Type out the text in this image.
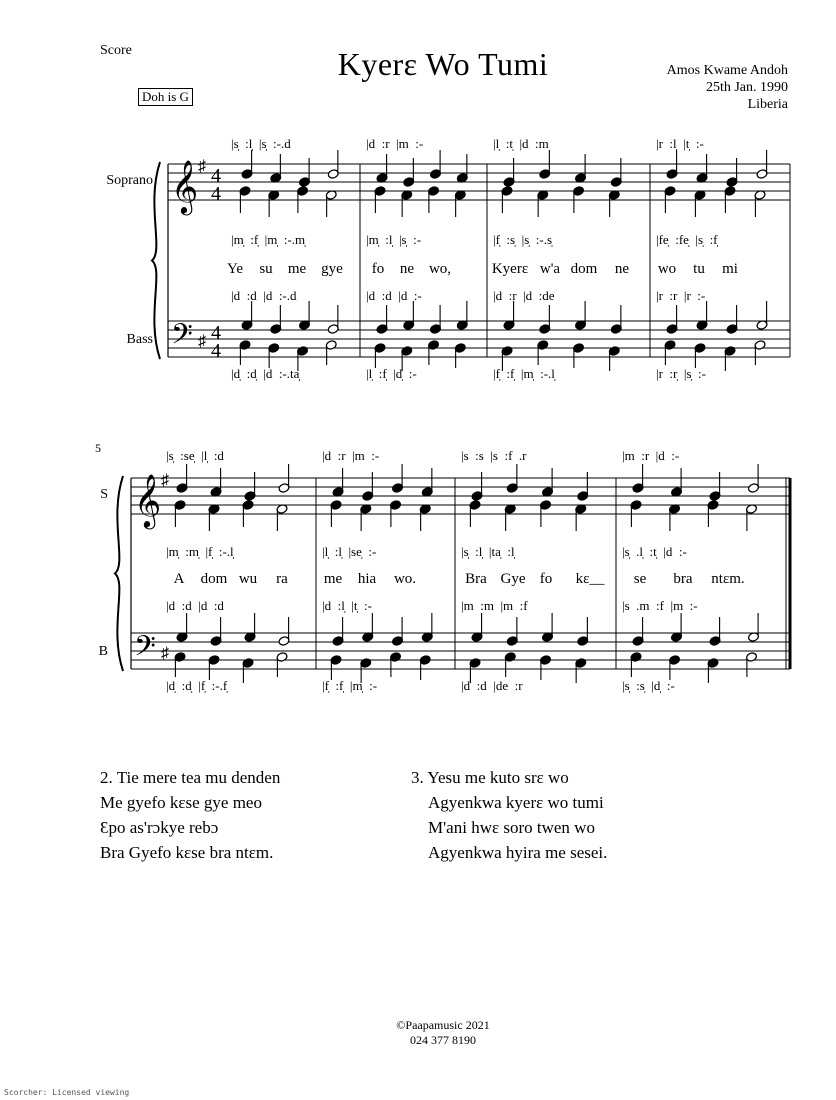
Score	Kyerɛ Wo Tumi	Amos Kwame Andoh
25th Jan. 1990
Liberia
Doh is G
𝄞
𝄢
♯
♯
4
4
4
4
Soprano
Bass
|s̩  :l̩  |s̩  :-.d	|d  :r  |m  :-	|l̩  :t̩  |d  :m	|r  :l̩  |t̩  :-
|m̩  :f̩  |m̩  :-.m̩	|m̩  :l̩  |s̩  :-	|f̩  :s̩  |s̩  :-.s̩	|fe̩  :fe̩  |s̩  :f̩
|d  :d  |d  :-.d	|d  :d  |d  :-	|d  :r  |d  :de	|r  :r  |r  :-
|d̩  :d̩  |d  :-.ta̩	|l̩  :f̩  |d̩  :-	|f̩  :f̩  |m̩  :-.l̩	|r  :r̩  |s̩  :-
Ye su me gye fo ne wo,	Kyerɛ w'a dom ne wo tu mi
𝄞
𝄢
♯
♯
S
B
5	|s̩  :se̩  |l̩  :d	|d  :r  |m  :-	|s  :s  |s  :f  .r	|m  :r  |d  :-
|m̩  :m̩  |f̩  :-.l̩	|l̩  :l̩  |se̩  :-	|s̩  :l̩  |ta̩  :l̩	|s̩  .l̩  :t̩  |d  :-
|d  :d  |d  :d	|d  :l̩  |t̩  :-	|m  :m  |m  :f	|s  .m  :f  |m  :-
|d̩  :d̩  |f̩  :-.f̩	|f̩  :f̩  |m̩  :-	|d  :d  |de  :r	|s̩  :s̩  |d̩  :-
A dom wu ra me hia wo.	Bra Gye fo kɛ__ se bra ntɛm.
2. Tie mere tea mu denden
Me gyefo kɛse gye meo
Ɛpo as'rɔkye rebɔ
Bra Gyefo kɛse bra ntɛm.
3. Yesu me kuto srɛ wo
Agyenkwa kyerɛ wo tumi
M'ani hwɛ soro twen wo
Agyenkwa hyira me sesei.
©Paapamusic 2021
024 377 8190
Scorcher: Licensed viewing
